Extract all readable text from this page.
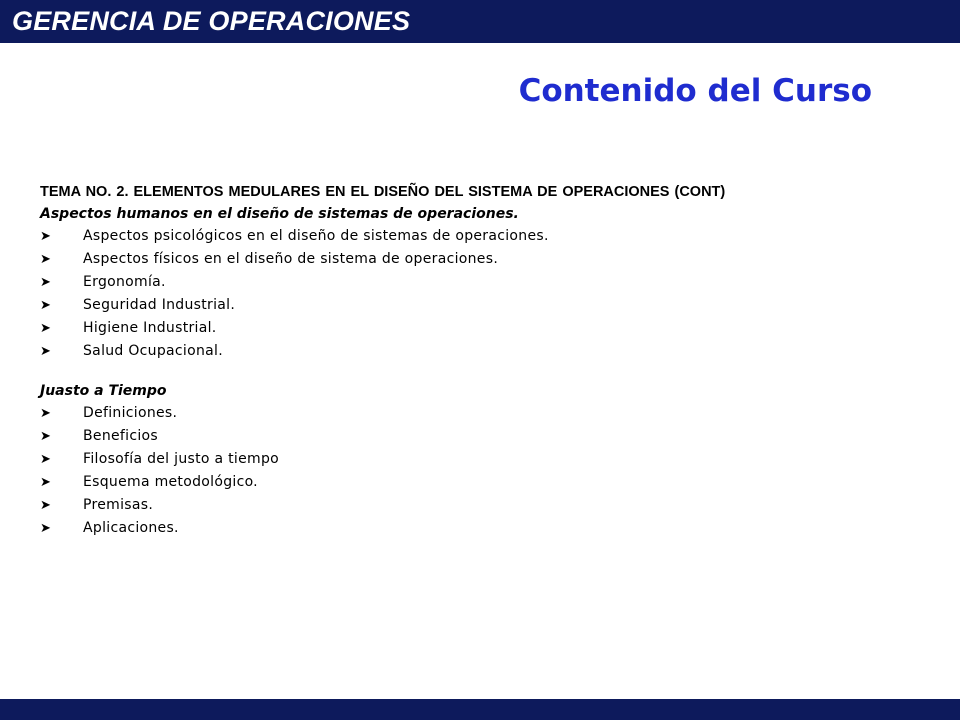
GERENCIA DE OPERACIONES
Contenido del Curso
TEMA NO. 2. ELEMENTOS MEDULARES EN EL DISEÑO DEL SISTEMA DE OPERACIONES (CONT)
Aspectos humanos en el diseño de sistemas de operaciones.
➤ Aspectos psicológicos en el diseño de sistemas de operaciones.
➤ Aspectos físicos en el diseño de sistema de operaciones.
➤ Ergonomía.
➤ Seguridad Industrial.
➤ Higiene Industrial.
➤ Salud Ocupacional.
Juasto a Tiempo
➤ Definiciones.
➤ Beneficios
➤ Filosofía del justo a tiempo
➤ Esquema metodológico.
➤ Premisas.
➤ Aplicaciones.
